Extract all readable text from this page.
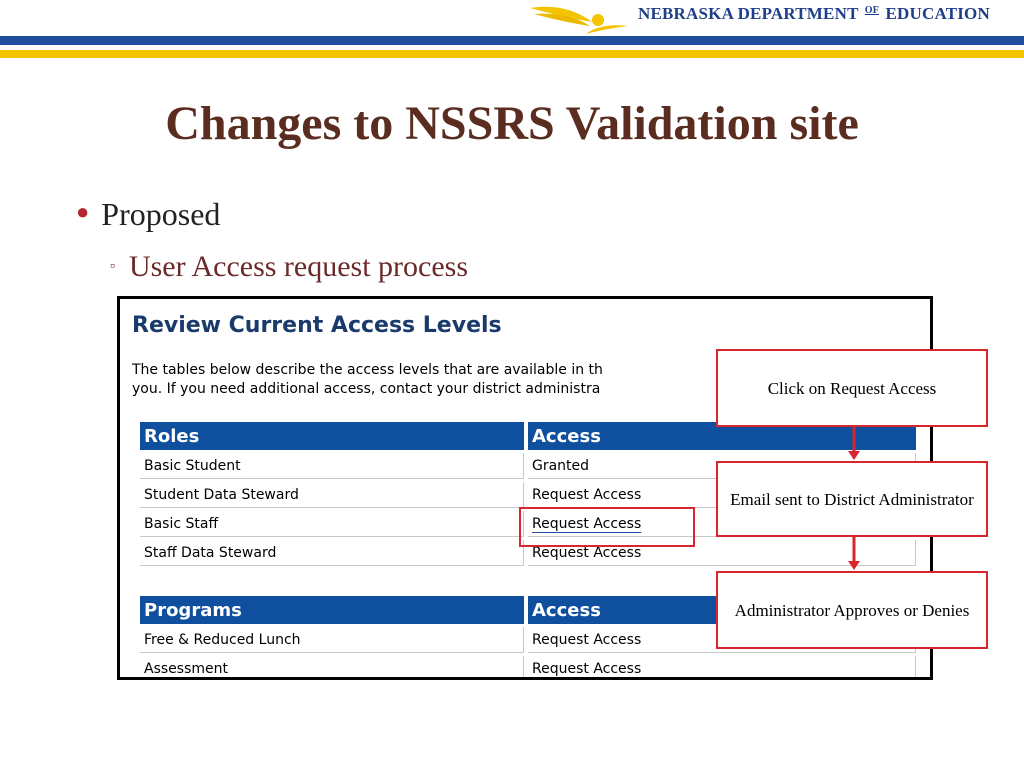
NEBRASKA DEPARTMENT $^{OF}$ EDUCATION
Changes to NSSRS Validation site
● Proposed
▫ User Access request process
Review Current Access Levels
The tables below describe the access levels that are available in th
you. If you need additional access, contact your district administra
Roles	Access
Basic Student	Granted
Student Data Steward	Request Access
Basic Staff	Request Access
Staff Data Steward	Request Access
Programs	Access
Free & Reduced Lunch	Request Access
Assessment	Request Access
Click on Request Access
Email sent to District Administrator
Administrator Approves or Denies
